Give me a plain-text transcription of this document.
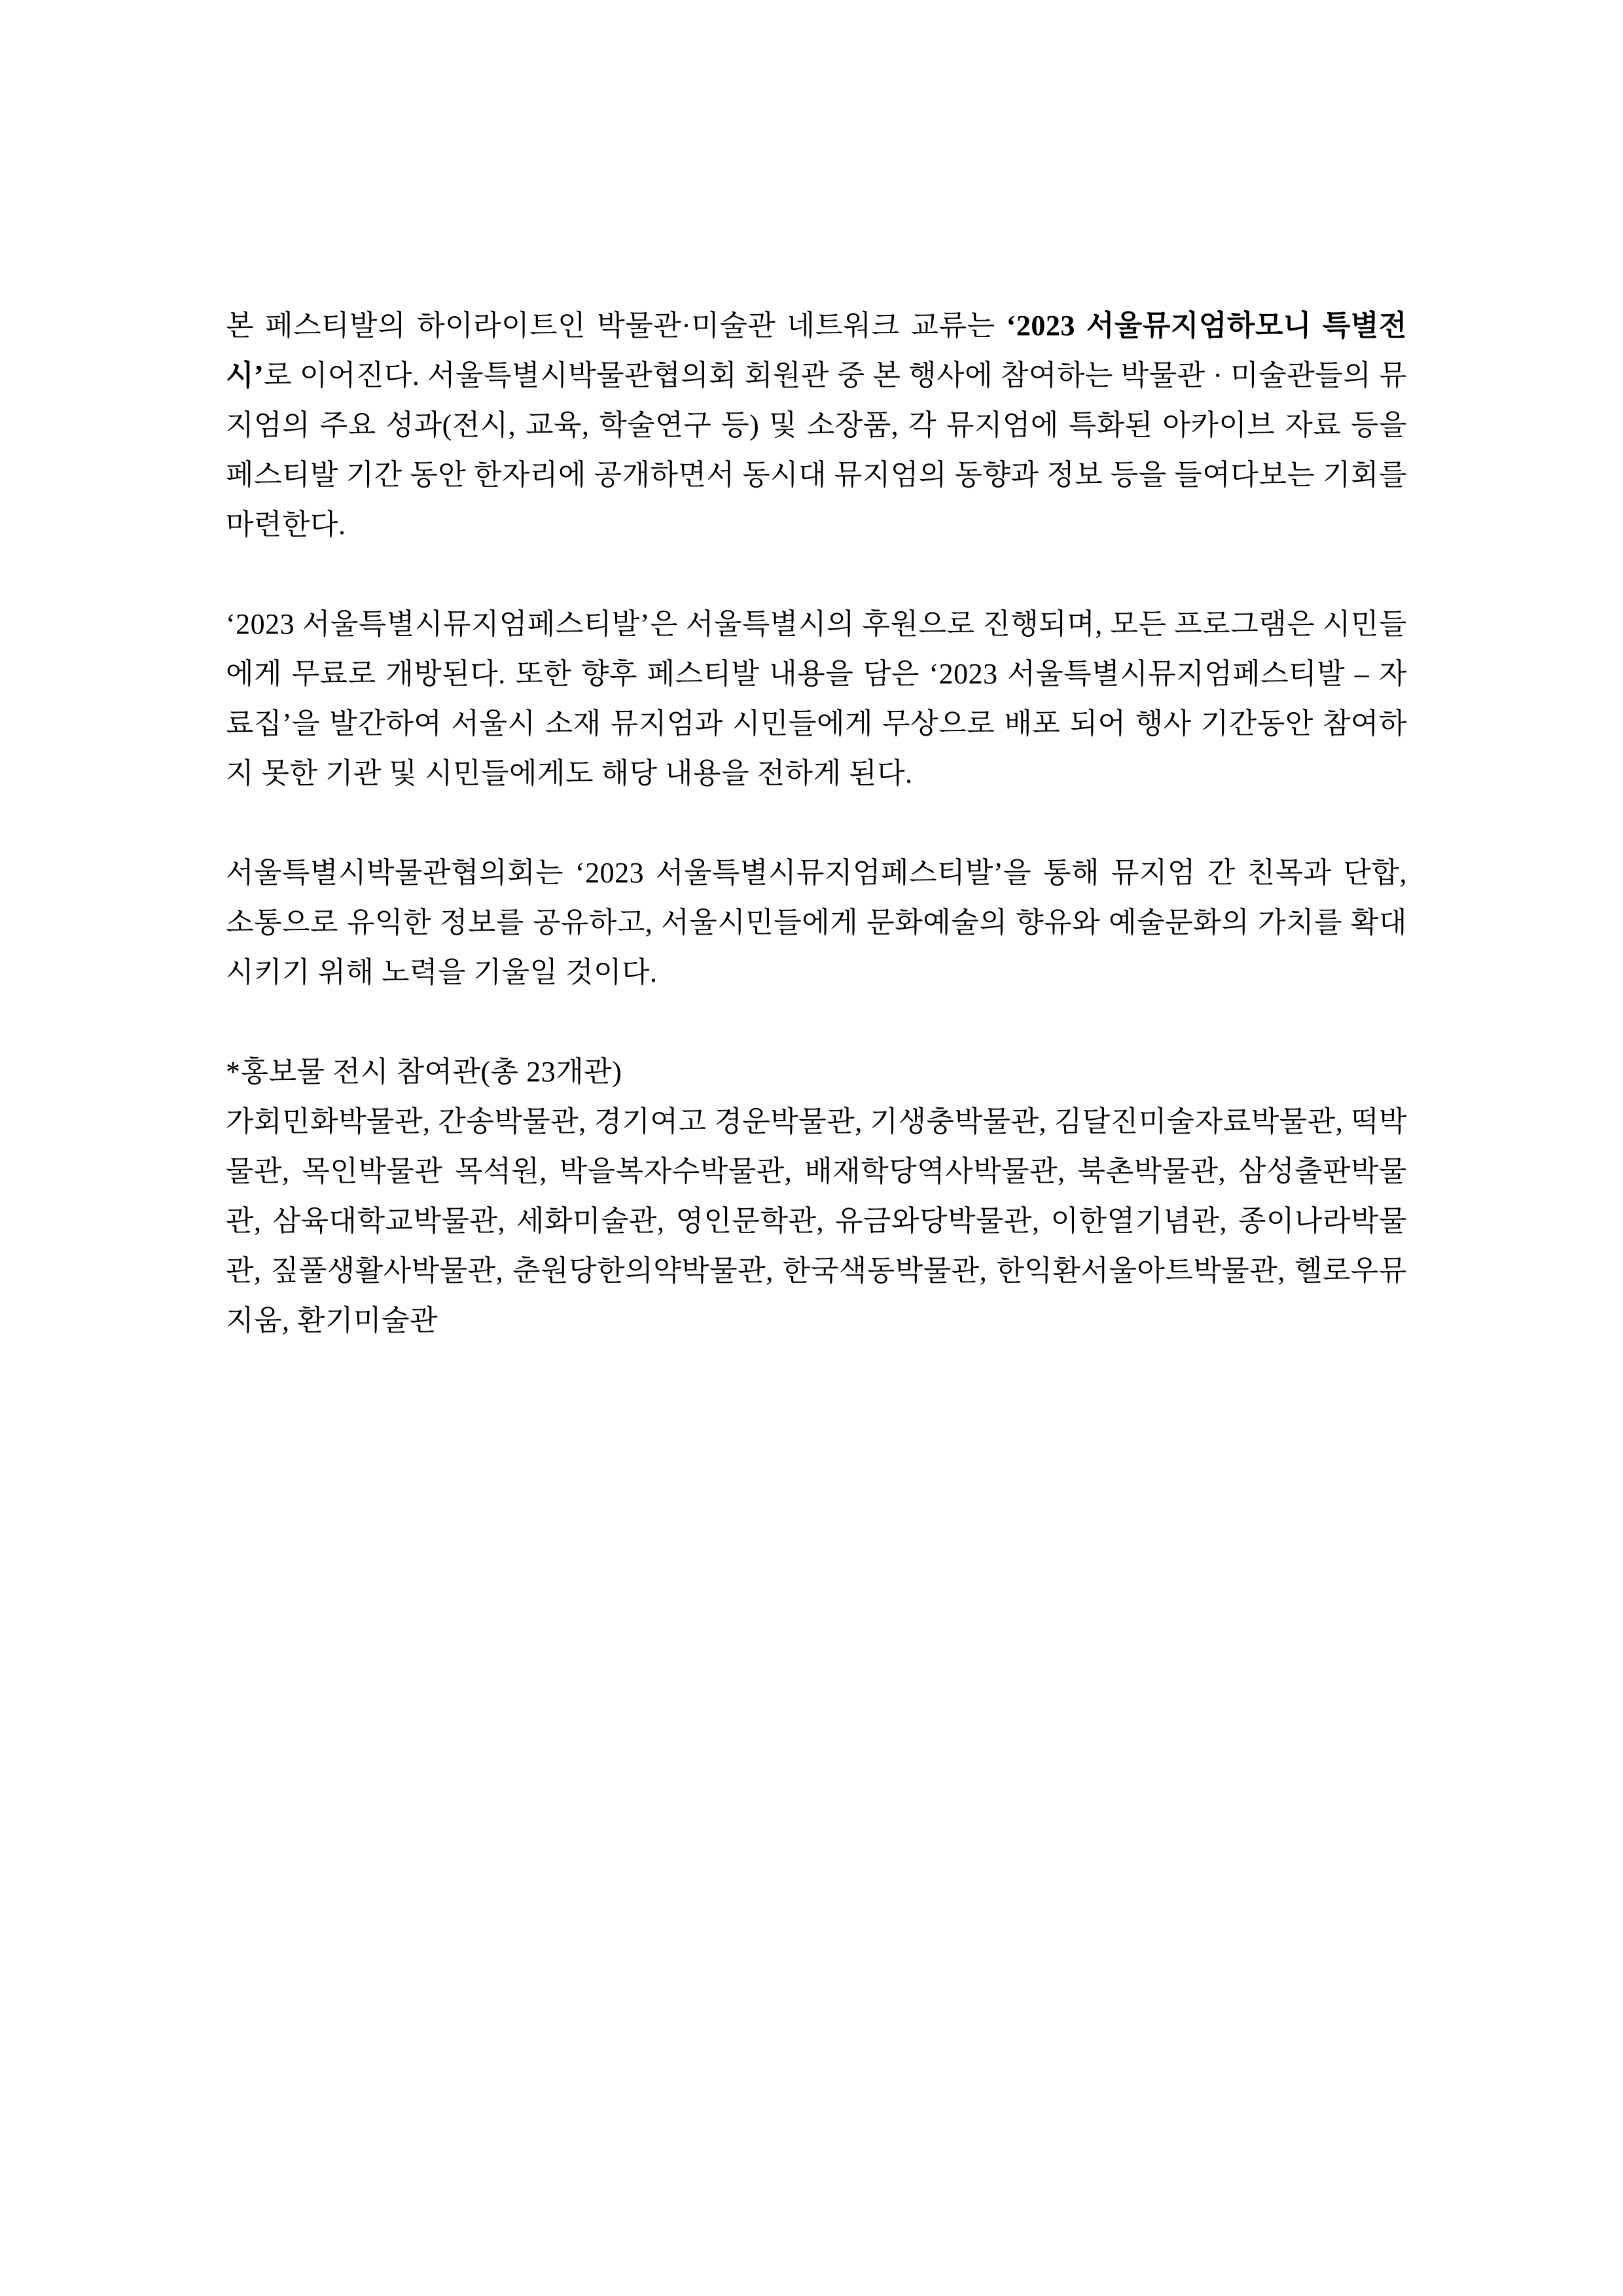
본 페스티발의 하이라이트인 박물관·미술관 네트워크 교류는 ‘2023 서울뮤지엄하모니 특별전시’로 이어진다. 서울특별시박물관협의회 회원관 중 본 행사에 참여하는 박물관 · 미술관들의 뮤지엄의 주요 성과(전시, 교육, 학술연구 등) 및 소장품, 각 뮤지엄에 특화된 아카이브 자료 등을 페스티발 기간 동안 한자리에 공개하면서 동시대 뮤지엄의 동향과 정보 등을 들여다보는 기회를 마련한다.

‘2023 서울특별시뮤지엄페스티발’은 서울특별시의 후원으로 진행되며, 모든 프로그램은 시민들에게 무료로 개방된다. 또한 향후 페스티발 내용을 담은 ‘2023 서울특별시뮤지엄페스티발 – 자료집’을 발간하여 서울시 소재 뮤지엄과 시민들에게 무상으로 배포 되어 행사 기간동안 참여하지 못한 기관 및 시민들에게도 해당 내용을 전하게 된다.

서울특별시박물관협의회는 ‘2023 서울특별시뮤지엄페스티발’을 통해 뮤지엄 간 친목과 단합, 소통으로 유익한 정보를 공유하고, 서울시민들에게 문화예술의 향유와 예술문화의 가치를 확대시키기 위해 노력을 기울일 것이다.

*홍보물 전시 참여관(총 23개관)

가회민화박물관, 간송박물관, 경기여고 경운박물관, 기생충박물관, 김달진미술자료박물관, 떡박물관, 목인박물관 목석원, 박을복자수박물관, 배재학당역사박물관, 북촌박물관, 삼성출판박물관, 삼육대학교박물관, 세화미술관, 영인문학관, 유금와당박물관, 이한열기념관, 종이나라박물관, 짚풀생활사박물관, 춘원당한의약박물관, 한국색동박물관, 한익환서울아트박물관, 헬로우뮤지움, 환기미술관
